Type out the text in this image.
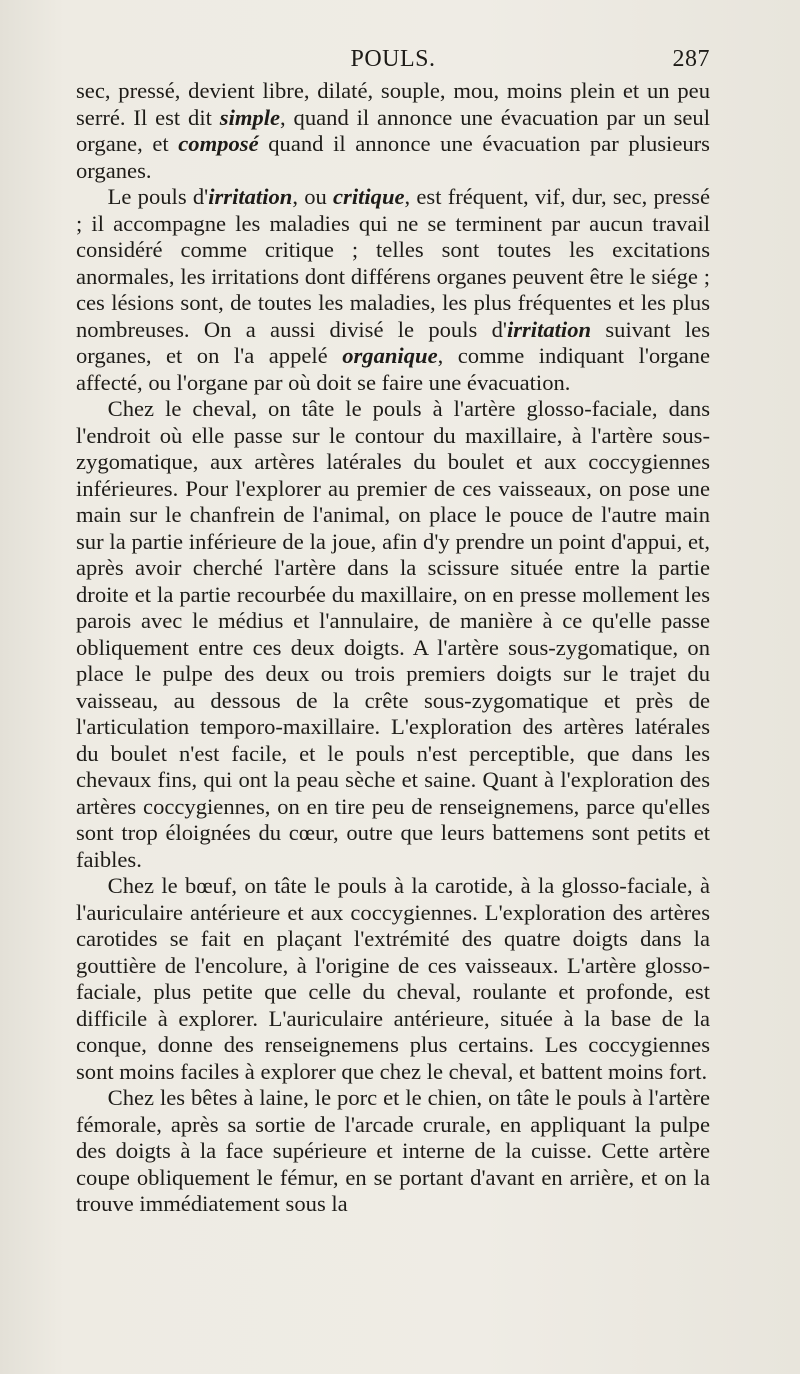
POULS.	287

sec, pressé, devient libre, dilaté, souple, mou, moins plein et un peu serré. Il est dit simple, quand il annonce une évacuation par un seul organe, et composé quand il annonce une évacuation par plusieurs organes.

Le pouls d'irritation, ou critique, est fréquent, vif, dur, sec, pressé ; il accompagne les maladies qui ne se terminent par aucun travail considéré comme critique ; telles sont toutes les excitations anormales, les irritations dont différens organes peuvent être le siége ; ces lésions sont, de toutes les maladies, les plus fréquentes et les plus nombreuses. On a aussi divisé le pouls d'irritation suivant les organes, et on l'a appelé organique, comme indiquant l'organe affecté, ou l'organe par où doit se faire une évacuation.

Chez le cheval, on tâte le pouls à l'artère glosso-faciale, dans l'endroit où elle passe sur le contour du maxillaire, à l'artère sous-zygomatique, aux artères latérales du boulet et aux coccygiennes inférieures. Pour l'explorer au premier de ces vaisseaux, on pose une main sur le chanfrein de l'animal, on place le pouce de l'autre main sur la partie inférieure de la joue, afin d'y prendre un point d'appui, et, après avoir cherché l'artère dans la scissure située entre la partie droite et la partie recourbée du maxillaire, on en presse mollement les parois avec le médius et l'annulaire, de manière à ce qu'elle passe obliquement entre ces deux doigts. A l'artère sous-zygomatique, on place le pulpe des deux ou trois premiers doigts sur le trajet du vaisseau, au dessous de la crête sous-zygomatique et près de l'articulation temporo-maxillaire. L'exploration des artères latérales du boulet n'est facile, et le pouls n'est perceptible, que dans les chevaux fins, qui ont la peau sèche et saine. Quant à l'exploration des artères coccygiennes, on en tire peu de renseignemens, parce qu'elles sont trop éloignées du cœur, outre que leurs battemens sont petits et faibles.

Chez le bœuf, on tâte le pouls à la carotide, à la glosso-faciale, à l'auriculaire antérieure et aux coccygiennes. L'exploration des artères carotides se fait en plaçant l'extrémité des quatre doigts dans la gouttière de l'encolure, à l'origine de ces vaisseaux. L'artère glosso-faciale, plus petite que celle du cheval, roulante et profonde, est difficile à explorer. L'auriculaire antérieure, située à la base de la conque, donne des renseignemens plus certains. Les coccygiennes sont moins faciles à explorer que chez le cheval, et battent moins fort.

Chez les bêtes à laine, le porc et le chien, on tâte le pouls à l'artère fémorale, après sa sortie de l'arcade crurale, en appliquant la pulpe des doigts à la face supérieure et interne de la cuisse. Cette artère coupe obliquement le fémur, en se portant d'avant en arrière, et on la trouve immédiatement sous la
